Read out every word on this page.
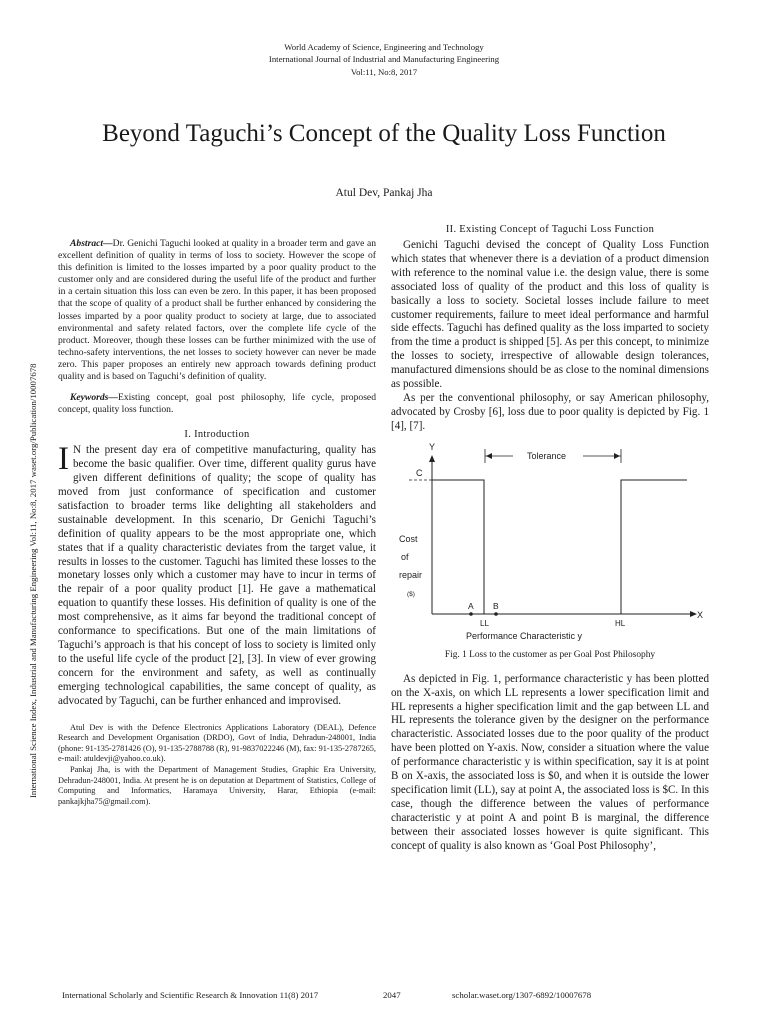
World Academy of Science, Engineering and Technology
International Journal of Industrial and Manufacturing Engineering
Vol:11, No:8, 2017
Beyond Taguchi’s Concept of the Quality Loss Function
Atul Dev, Pankaj Jha
International Science Index, Industrial and Manufacturing Engineering Vol:11, No:8, 2017 waset.org/Publication/10007678

Abstract—Dr. Genichi Taguchi looked at quality in a broader term and gave an excellent definition of quality in terms of loss to society. However the scope of this definition is limited to the losses imparted by a poor quality product to the customer only and are considered during the useful life of the product and further in a certain situation this loss can even be zero. In this paper, it has been proposed that the scope of quality of a product shall be further enhanced by considering the losses imparted by a poor quality product to society at large, due to associated environmental and safety related factors, over the complete life cycle of the product. Moreover, though these losses can be further minimized with the use of techno-safety interventions, the net losses to society however can never be made zero. This paper proposes an entirely new approach towards defining product quality and is based on Taguchi’s definition of quality.

Keywords—Existing concept, goal post philosophy, life cycle, proposed concept, quality loss function.

I. Introduction

I N the present day era of competitive manufacturing, quality has become the basic qualifier. Over time, different quality gurus have given different definitions of quality; the scope of quality has moved from just conformance of specification and customer satisfaction to broader terms like delighting all stakeholders and sustainable development. In this scenario, Dr Genichi Taguchi’s definition of quality appears to be the most appropriate one, which states that if a quality characteristic deviates from the target value, it results in losses to the customer. Taguchi has limited these losses to the monetary losses only which a customer may have to incur in terms of the repair of a poor quality product [1]. He gave a mathematical equation to quantify these losses. His definition of quality is one of the most comprehensive, as it aims far beyond the traditional concept of conformance to specifications. But one of the main limitations of Taguchi’s approach is that his concept of loss to society is limited only to the useful life cycle of the product [2], [3]. In view of ever growing concern for the environment and safety, as well as continually emerging technological capabilities, the same concept of quality, as advocated by Taguchi, can be further enhanced and improvised.

Atul Dev is with the Defence Electronics Applications Laboratory (DEAL), Defence Research and Development Organisation (DRDO), Govt of India, Dehradun-248001, India (phone: 91-135-2781426 (O), 91-135-2788788 (R), 91-9837022246 (M), fax: 91-135-2787265, e-mail: atuldevji@yahoo.co.uk).

Pankaj Jha, is with the Department of Management Studies, Graphic Era University, Dehradun-248001, India. At present he is on deputation at Department of Statistics, College of Computing and Informatics, Haramaya University, Harar, Ethiopia (e-mail: pankajkjha75@gmail.com).

II. Existing Concept of Taguchi Loss Function

Genichi Taguchi devised the concept of Quality Loss Function which states that whenever there is a deviation of a product dimension with reference to the nominal value i.e. the design value, there is some associated loss of quality of the product and this loss of quality is basically a loss to society. Societal losses include failure to meet customer requirements, failure to meet ideal performance and harmful side effects. Taguchi has defined quality as the loss imparted to society from the time a product is shipped [5]. As per this concept, to minimize the losses to society, irrespective of allowable design tolerances, manufactured dimensions should be as close to the nominal dimensions as possible.

As per the conventional philosophy, or say American philosophy, advocated by Crosby [6], loss due to poor quality is depicted by Fig. 1 [4], [7].

Y
X
C
Tolerance
Cost
of
repair
($)
A B
LL	HL
Performance Characteristic y
Fig. 1 Loss to the customer as per Goal Post Philosophy

As depicted in Fig. 1, performance characteristic y has been plotted on the X-axis, on which LL represents a lower specification limit and HL represents a higher specification limit and the gap between LL and HL represents the tolerance given by the designer on the performance characteristic. Associated losses due to the poor quality of the product have been plotted on Y-axis. Now, consider a situation where the value of performance characteristic y is within specification, say it is at point B on X-axis, the associated loss is $0, and when it is outside the lower specification limit (LL), say at point A, the associated loss is $C. In this case, though the difference between the values of performance characteristic y at point A and point B is marginal, the difference between their associated losses however is quite significant. This concept of quality is also known as ‘Goal Post Philosophy’,

International Scholarly and Scientific Research & Innovation 11(8) 2017	2047	scholar.waset.org/1307-6892/10007678
